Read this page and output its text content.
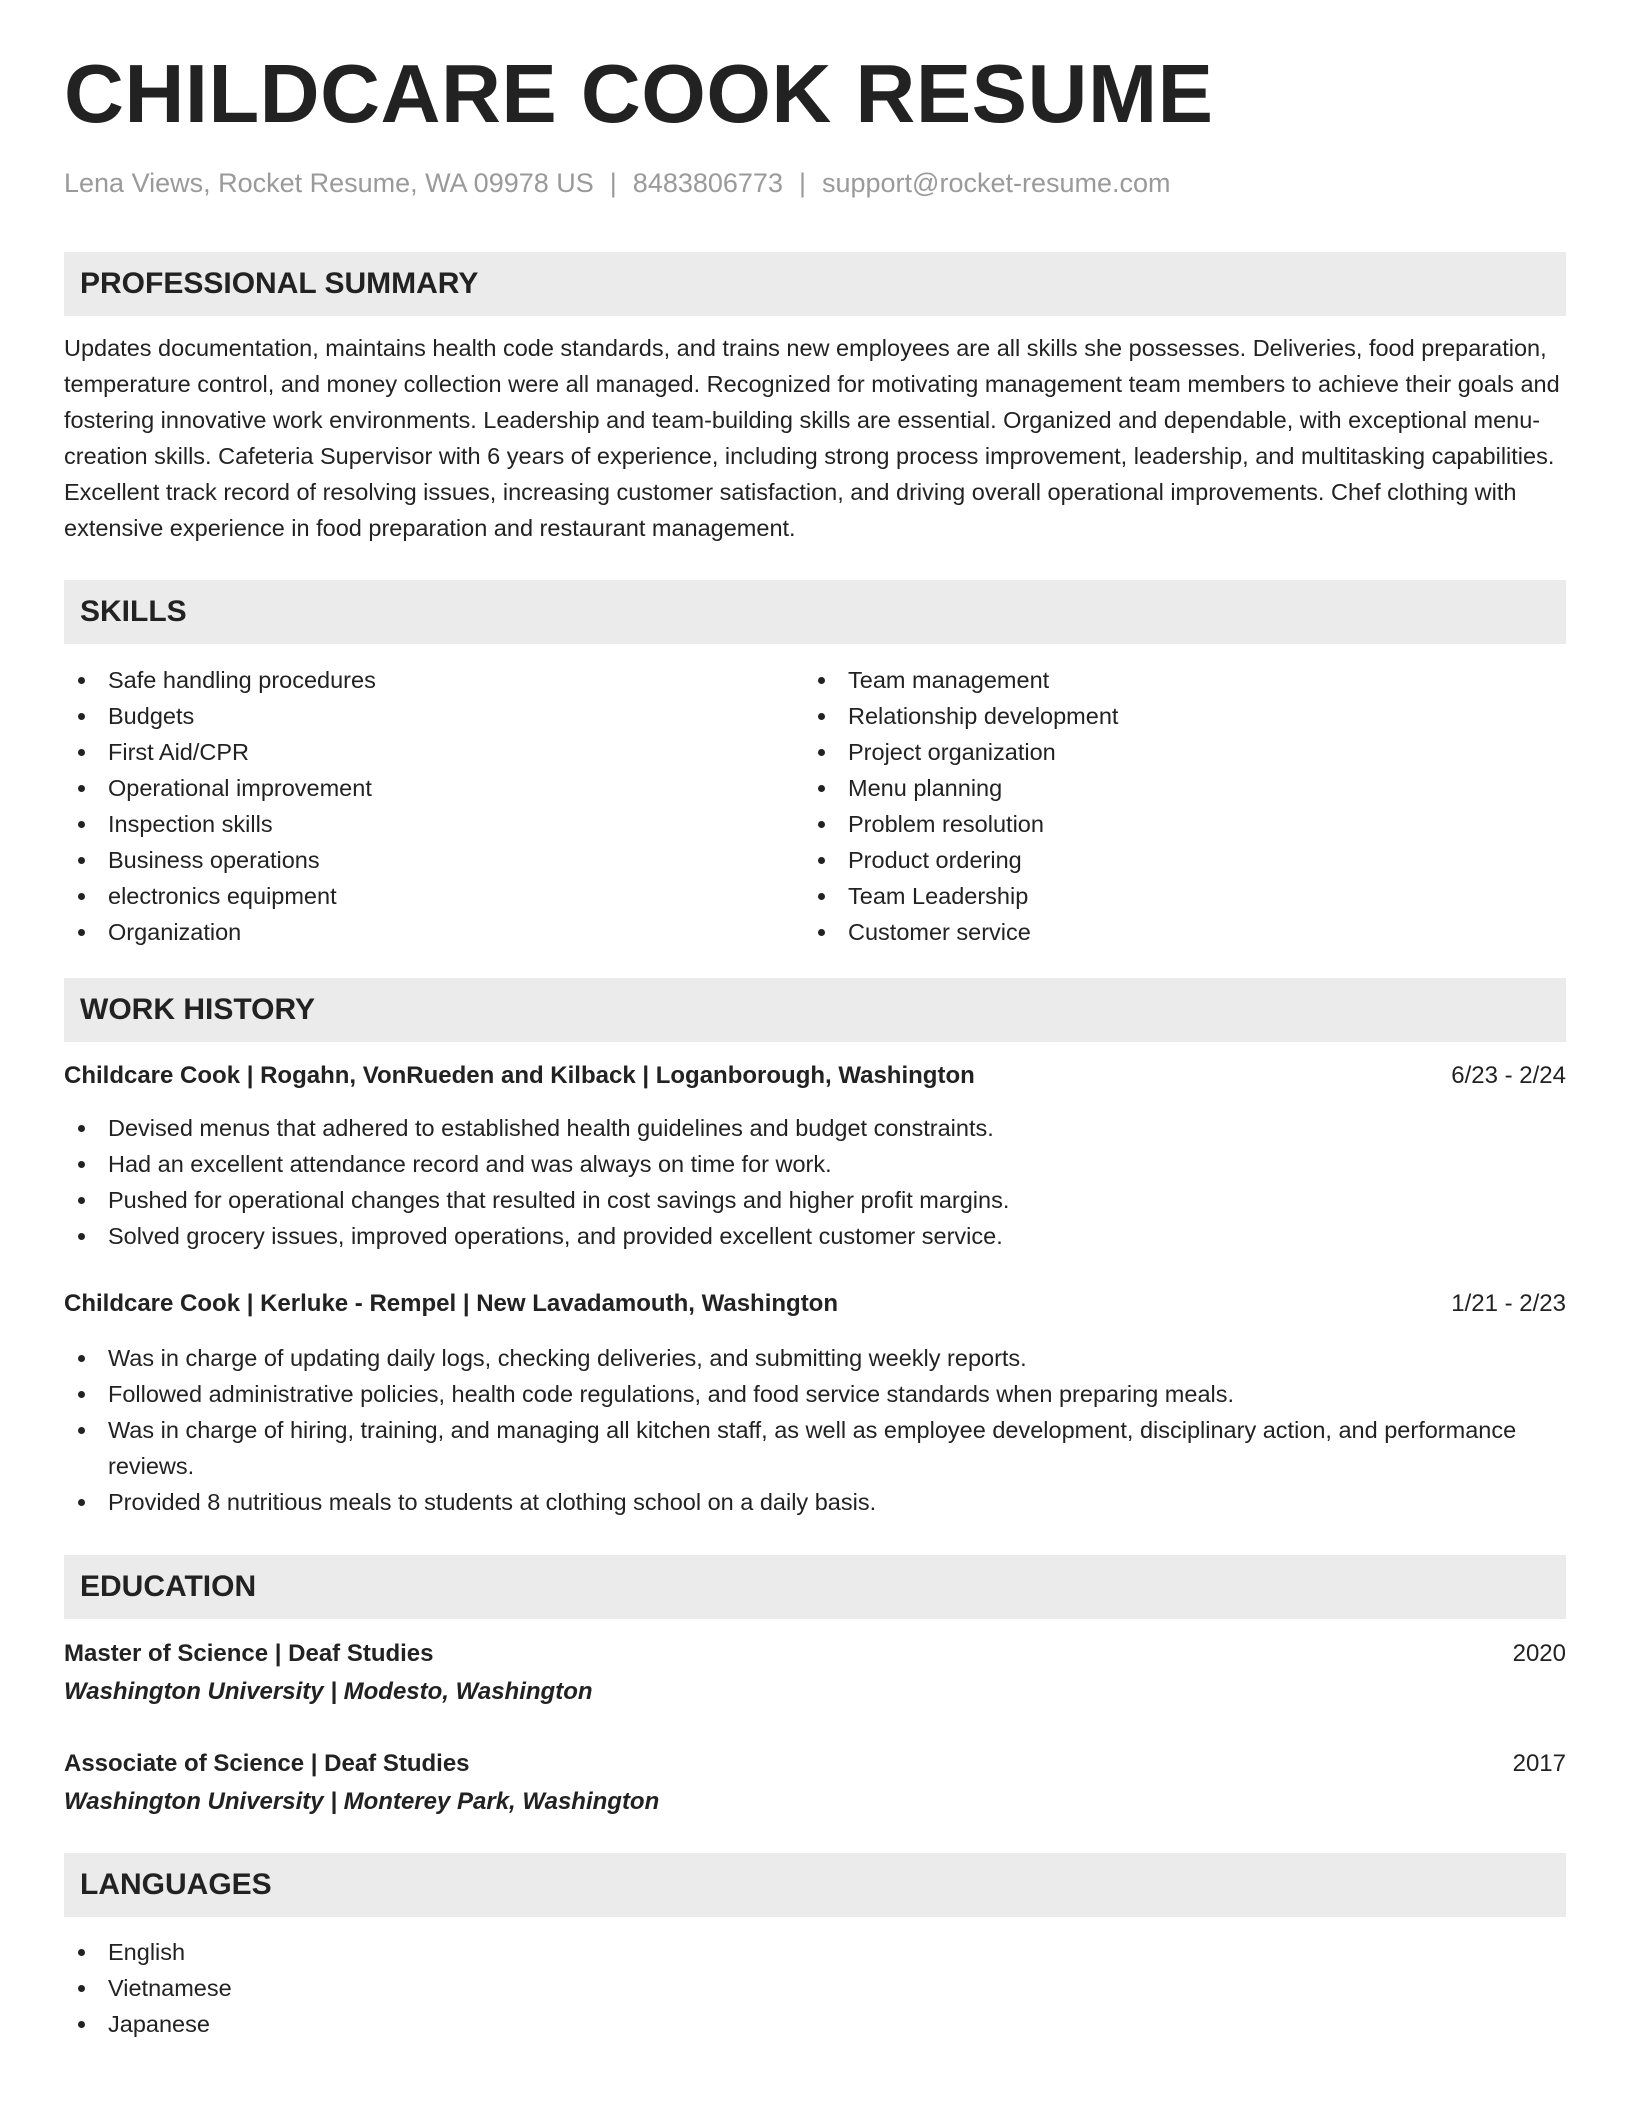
CHILDCARE COOK RESUME
Lena Views, Rocket Resume, WA 09978 US | 8483806773 | support@rocket-resume.com
PROFESSIONAL SUMMARY

Updates documentation, maintains health code standards, and trains new employees are all skills she possesses. Deliveries, food preparation, temperature control, and money collection were all managed. Recognized for motivating management team members to achieve their goals and fostering innovative work environments. Leadership and team-building skills are essential. Organized and dependable, with exceptional menu-creation skills. Cafeteria Supervisor with 6 years of experience, including strong process improvement, leadership, and multitasking capabilities. Excellent track record of resolving issues, increasing customer satisfaction, and driving overall operational improvements. Chef clothing with extensive experience in food preparation and restaurant management.

SKILLS
Safe handling procedures
Budgets
First Aid/CPR
Operational improvement
Inspection skills
Business operations
electronics equipment
Organization
Team management
Relationship development
Project organization
Menu planning
Problem resolution
Product ordering
Team Leadership
Customer service
WORK HISTORY
Childcare Cook | Rogahn, VonRueden and Kilback | Loganborough, Washington	6/23 - 2/24
Devised menus that adhered to established health guidelines and budget constraints.
Had an excellent attendance record and was always on time for work.
Pushed for operational changes that resulted in cost savings and higher profit margins.
Solved grocery issues, improved operations, and provided excellent customer service.
Childcare Cook | Kerluke - Rempel | New Lavadamouth, Washington	1/21 - 2/23
Was in charge of updating daily logs, checking deliveries, and submitting weekly reports.
Followed administrative policies, health code regulations, and food service standards when preparing meals.
Was in charge of hiring, training, and managing all kitchen staff, as well as employee development, disciplinary action, and performance reviews.
Provided 8 nutritious meals to students at clothing school on a daily basis.
EDUCATION
Master of Science | Deaf Studies	2020
Washington University | Modesto, Washington
Associate of Science | Deaf Studies	2017
Washington University | Monterey Park, Washington
LANGUAGES
English
Vietnamese
Japanese
